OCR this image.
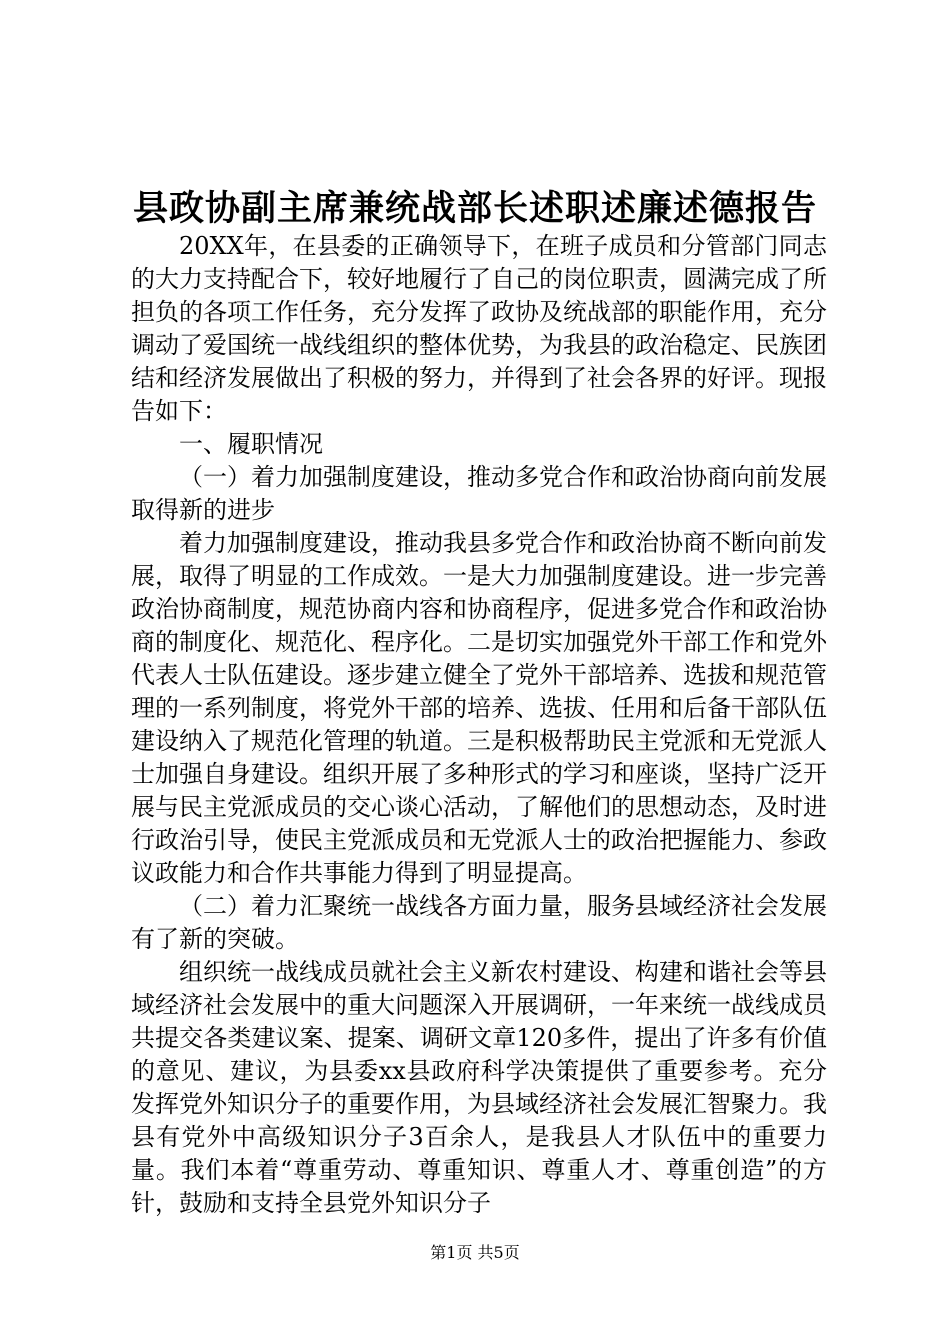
县政协副主席兼统战部长述职述廉述德报告

20XX年，在县委的正确领导下，在班子成员和分管部门同志的大力支持配合下，较好地履行了自己的岗位职责，圆满完成了所担负的各项工作任务，充分发挥了政协及统战部的职能作用，充分调动了爱国统一战线组织的整体优势，为我县的政治稳定、民族团结和经济发展做出了积极的努力，并得到了社会各界的好评。现报告如下：

一、履职情况

（一）着力加强制度建设，推动多党合作和政治协商向前发展取得新的进步

着力加强制度建设，推动我县多党合作和政治协商不断向前发展，取得了明显的工作成效。一是大力加强制度建设。进一步完善政治协商制度，规范协商内容和协商程序，促进多党合作和政治协商的制度化、规范化、程序化。二是切实加强党外干部工作和党外代表人士队伍建设。逐步建立健全了党外干部培养、选拔和规范管理的一系列制度，将党外干部的培养、选拔、任用和后备干部队伍建设纳入了规范化管理的轨道。三是积极帮助民主党派和无党派人士加强自身建设。组织开展了多种形式的学习和座谈，坚持广泛开展与民主党派成员的交心谈心活动，了解他们的思想动态，及时进行政治引导，使民主党派成员和无党派人士的政治把握能力、参政议政能力和合作共事能力得到了明显提高。

（二）着力汇聚统一战线各方面力量，服务县域经济社会发展有了新的突破。

组织统一战线成员就社会主义新农村建设、构建和谐社会等县域经济社会发展中的重大问题深入开展调研，一年来统一战线成员共提交各类建议案、提案、调研文章120多件，提出了许多有价值的意见、建议，为县委xx县政府科学决策提供了重要参考。充分发挥党外知识分子的重要作用，为县域经济社会发展汇智聚力。我县有党外中高级知识分子3百余人，是我县人才队伍中的重要力量。我们本着“尊重劳动、尊重知识、尊重人才、尊重创造”的方针，鼓励和支持全县党外知识分子

第1页 共5页
